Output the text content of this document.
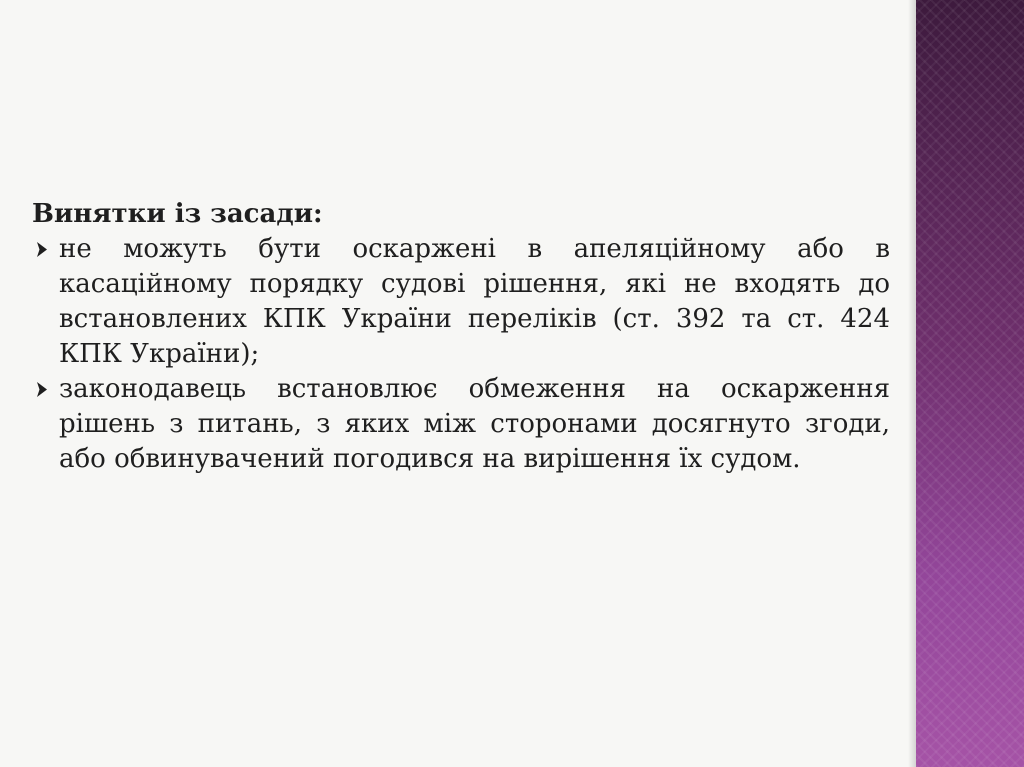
Винятки із засади:

не можуть бути оскаржені в апеляційному або в касаційному порядку судові рішення, які не входять до встановлених КПК України переліків (ст. 392 та ст. 424 КПК України);
законодавець встановлює обмеження на оскарження рішень з питань, з яких між сторонами досягнуто згоди, або обвинувачений погодився на вирішення їх судом.
